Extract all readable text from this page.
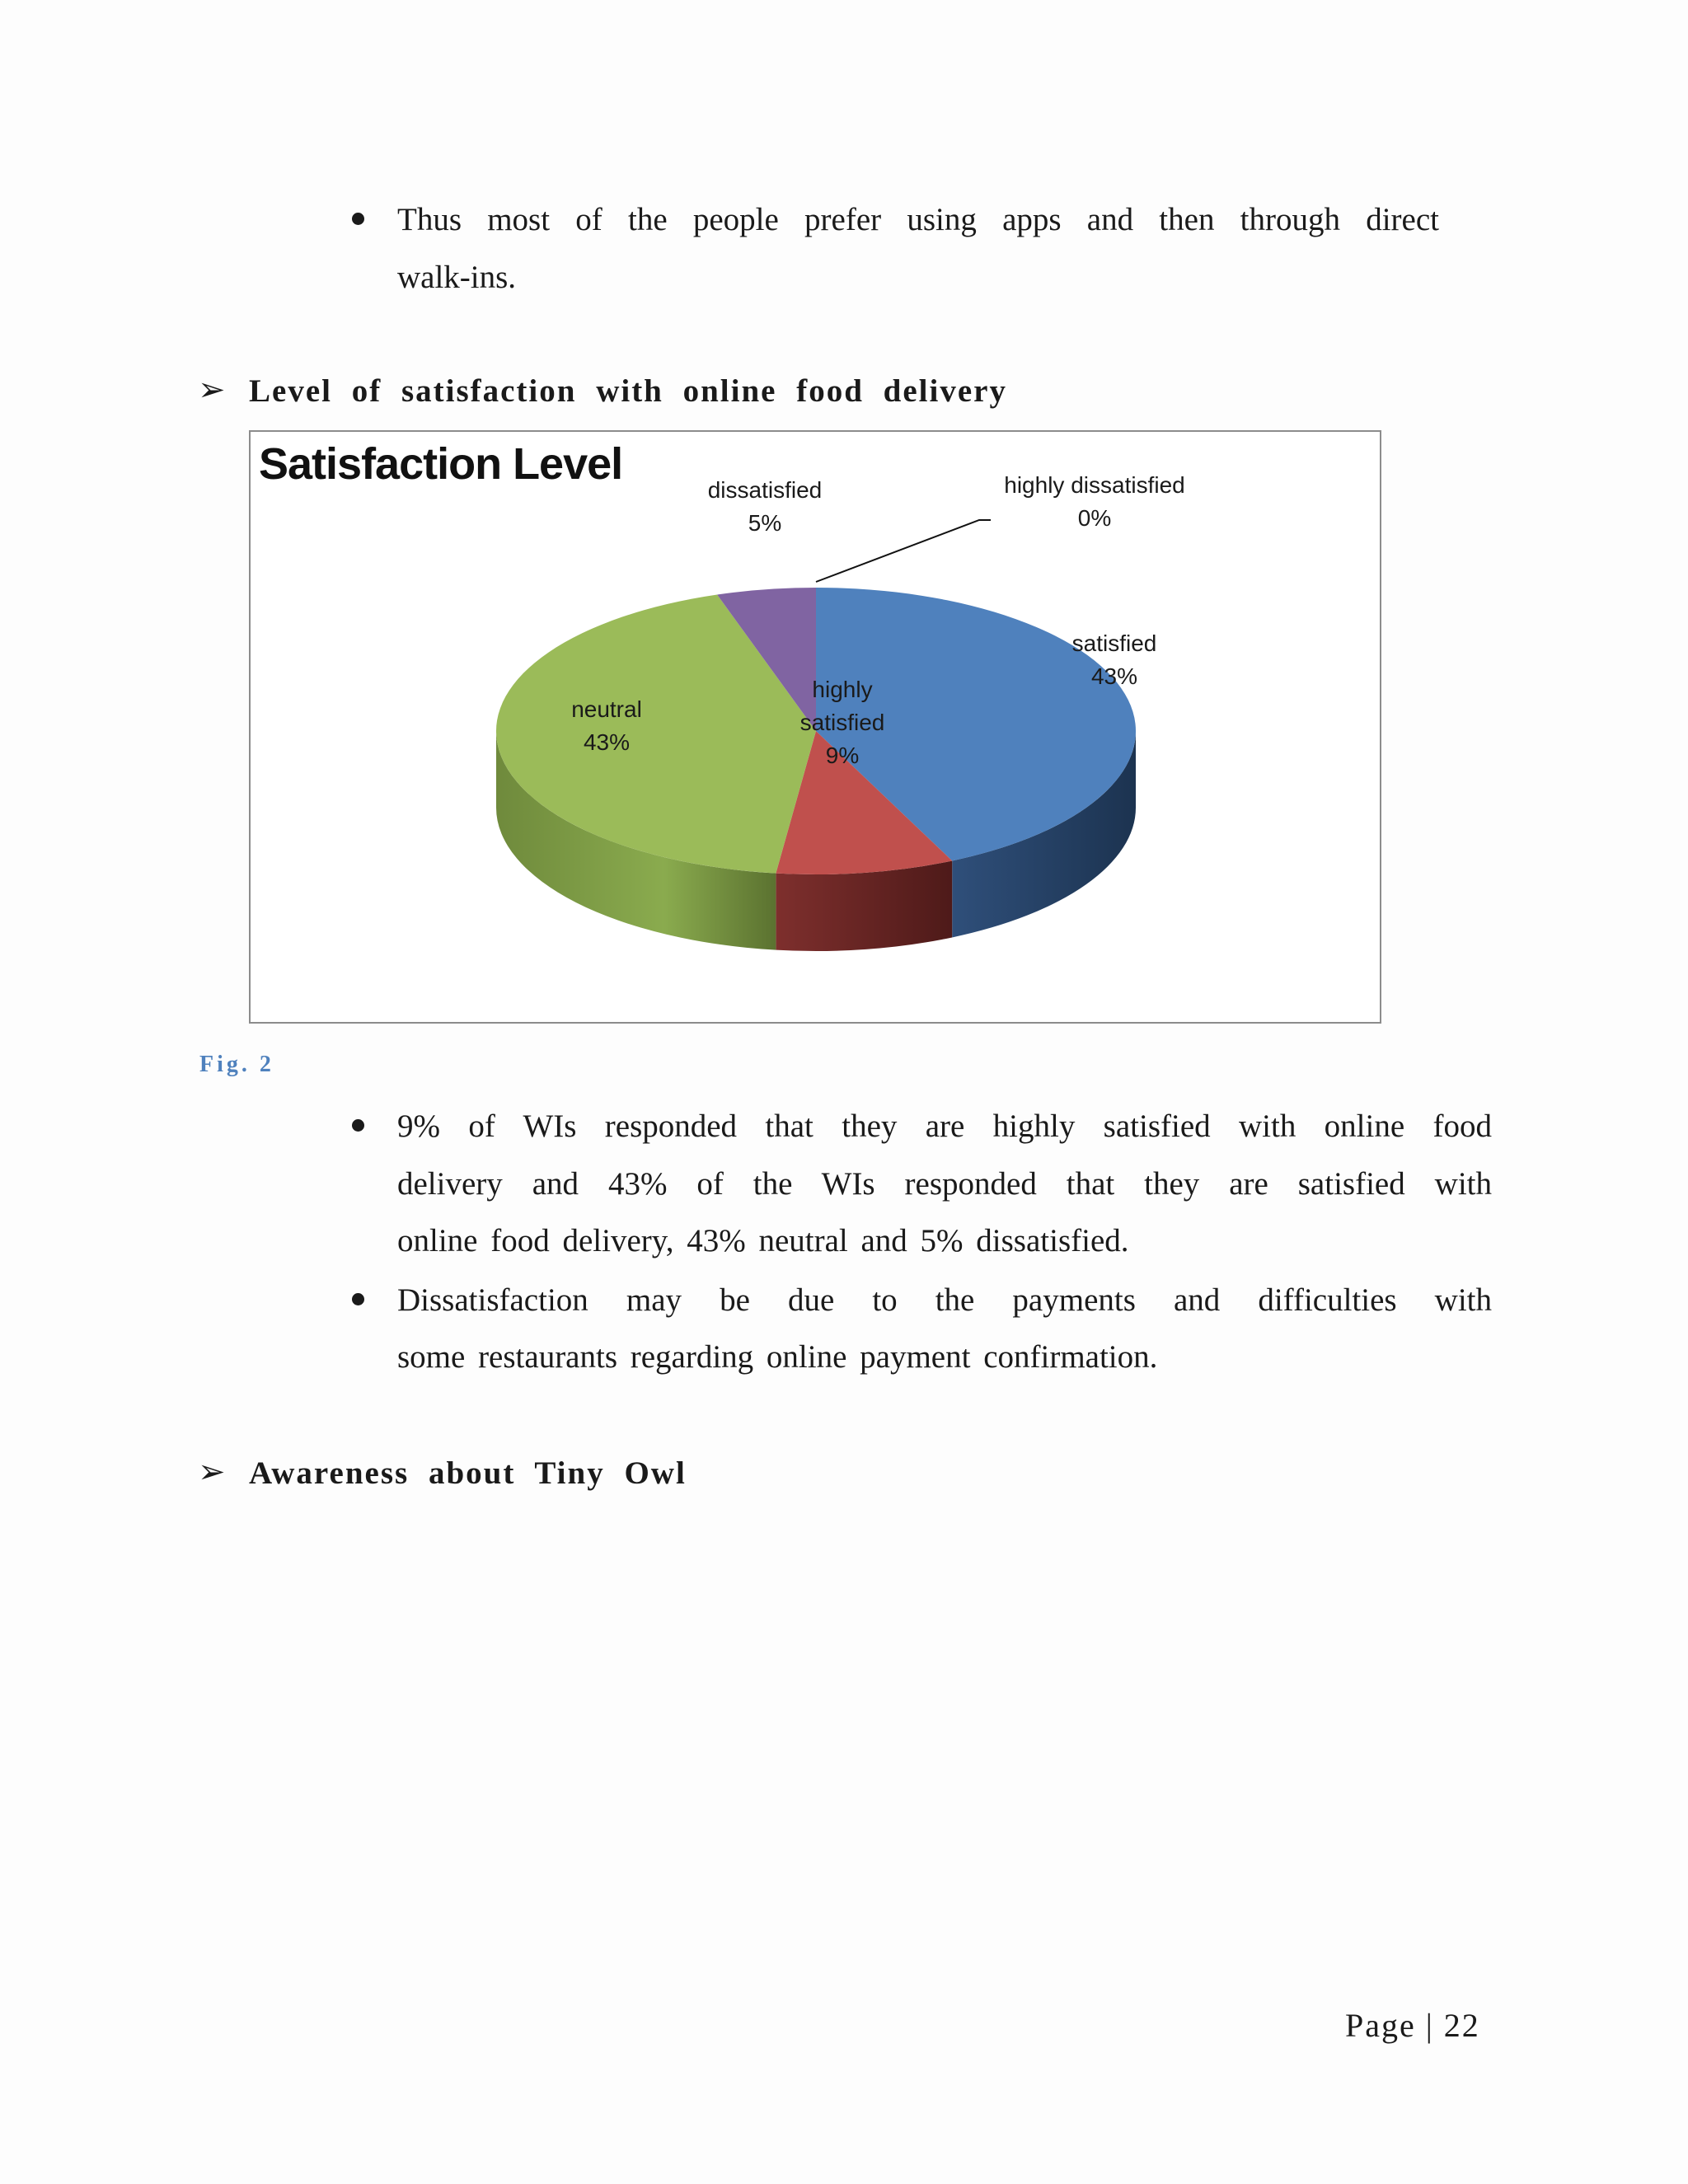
Thus most of the people prefer using apps and then through direct
walk-ins.
➢ Level of satisfaction with online food delivery
Satisfaction Level
satisfied
43%
highly
satisfied
9%
neutral
43%
dissatisfied
5%
highly dissatisfied
0%
Fig. 2
9% of WIs responded that they are highly satisfied with online food
delivery and 43% of the WIs responded that they are satisfied with
online food delivery, 43% neutral and 5% dissatisfied.
Dissatisfaction may be due to the payments and difficulties with
some restaurants regarding online payment confirmation.
➢ Awareness about Tiny Owl
Page | 22
